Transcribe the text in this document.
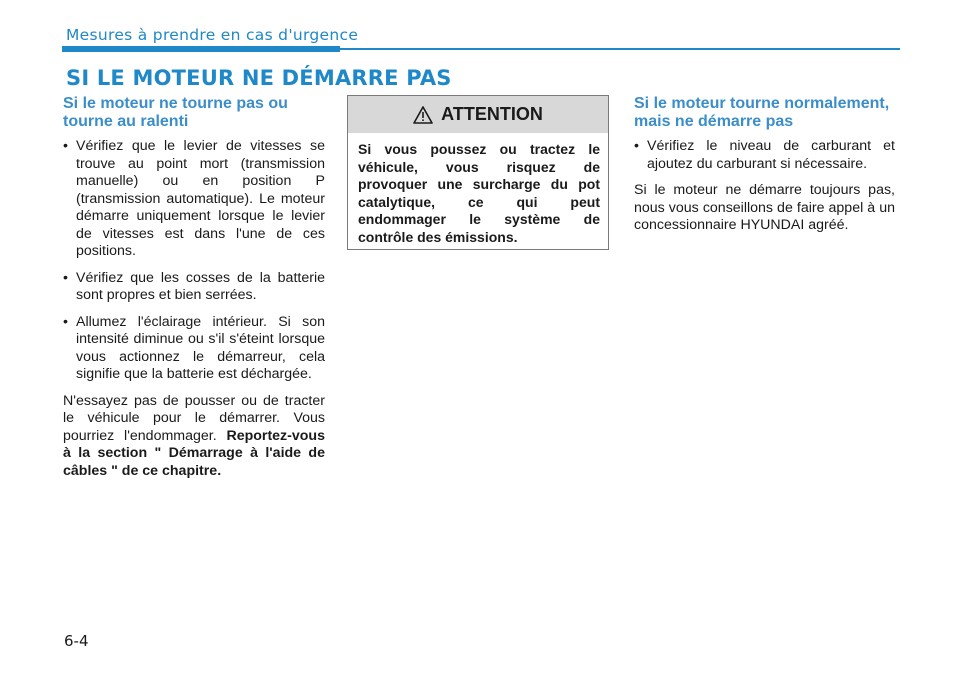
Mesures à prendre en cas d'urgence
SI LE MOTEUR NE DÉMARRE PAS
Si le moteur ne tourne pas ou tourne au ralenti
• Vérifiez que le levier de vitesses se trouve au point mort (transmission manuelle) ou en position P (transmission automatique). Le moteur démarre uniquement lorsque le levier de vitesses est dans l'une de ces positions.
• Vérifiez que les cosses de la batterie sont propres et bien serrées.
• Allumez l'éclairage intérieur. Si son intensité diminue ou s'il s'éteint lorsque vous actionnez le démarreur, cela signifie que la batterie est déchargée.

N'essayez pas de pousser ou de tracter le véhicule pour le démarrer. Vous pourriez l'endommager. Reportez-vous à la section " Démarrage à l'aide de câbles " de ce chapitre.

ATTENTION
Si vous poussez ou tractez le véhicule, vous risquez de provoquer une surcharge du pot catalytique, ce qui peut endommager le système de contrôle des émissions.
Si le moteur tourne normalement, mais ne démarre pas
• Vérifiez le niveau de carburant et ajoutez du carburant si nécessaire.

Si le moteur ne démarre toujours pas, nous vous conseillons de faire appel à un concessionnaire HYUNDAI agréé.

6-4
